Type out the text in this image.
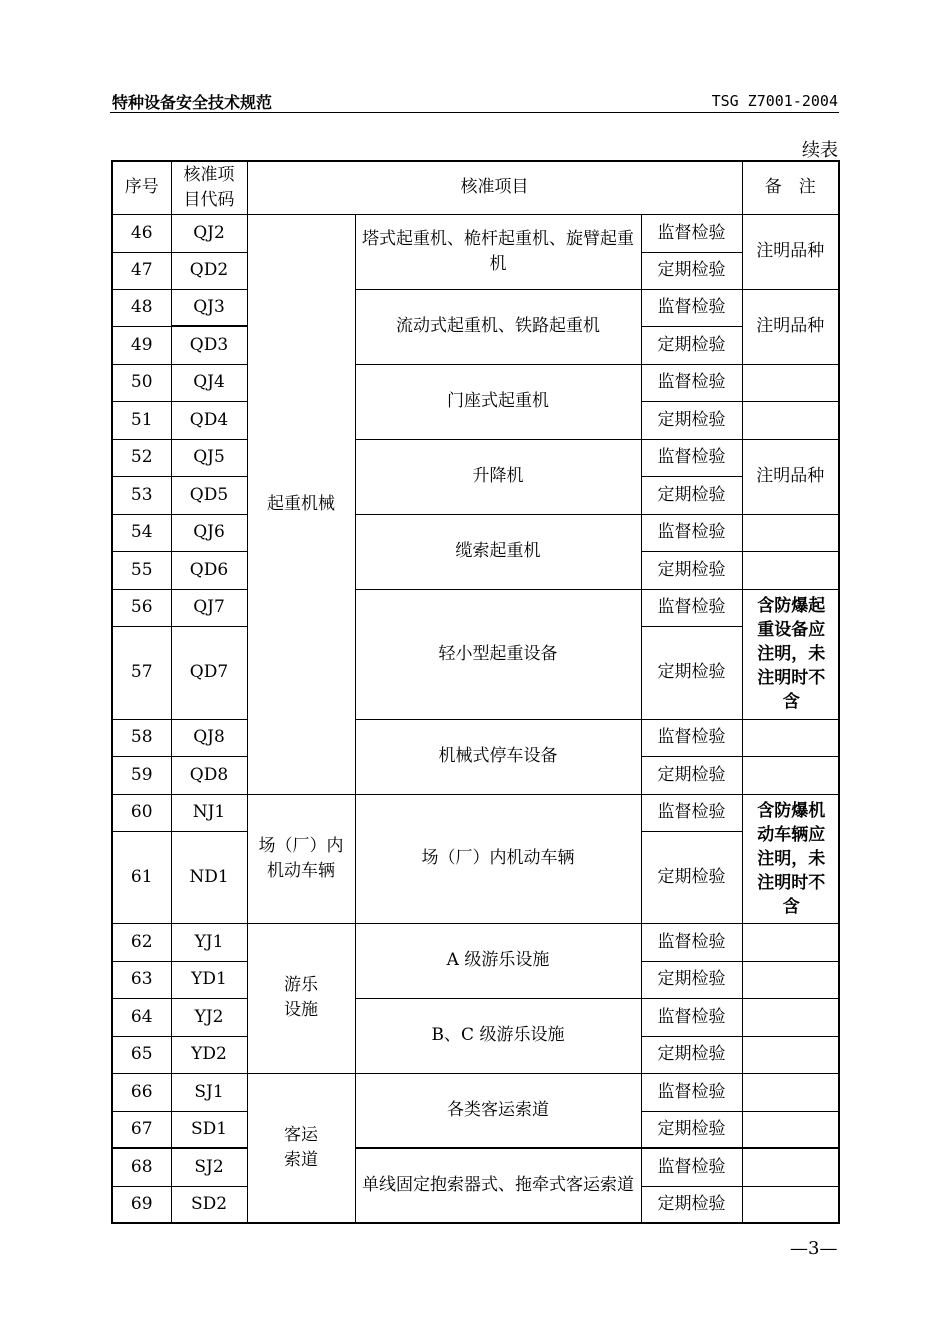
特种设备安全技术规范	TSG Z7001-2004
续表
序号	核准项目代码	核准项目			备　注
46	QJ2	起重机械	塔式起重机、桅杆起重机、旋臂起重机	监督检验	注明品种
47	QD2			定期检验	
48	QJ3		流动式起重机、铁路起重机	监督检验	注明品种
49	QD3			定期检验	
50	QJ4		门座式起重机	监督检验	
51	QD4			定期检验	
52	QJ5		升降机	监督检验	注明品种
53	QD5			定期检验	
54	QJ6		缆索起重机	监督检验	
55	QD6			定期检验	
56	QJ7		轻小型起重设备	监督检验	含防爆起重设备应注明，未注明时不含
57	QD7			定期检验	
58	QJ8		机械式停车设备	监督检验	
59	QD8			定期检验	
60	NJ1	场（厂）内机动车辆	场（厂）内机动车辆	监督检验	含防爆机动车辆应注明，未注明时不含
61	ND1			定期检验	
62	YJ1	游乐设施	A 级游乐设施	监督检验	
63	YD1			定期检验	
64	YJ2		B、C 级游乐设施	监督检验	
65	YD2			定期检验	
66	SJ1	客运索道	各类客运索道	监督检验	
67	SD1			定期检验	
68	SJ2		单线固定抱索器式、拖牵式客运索道	监督检验	
69	SD2			定期检验	
—3—
